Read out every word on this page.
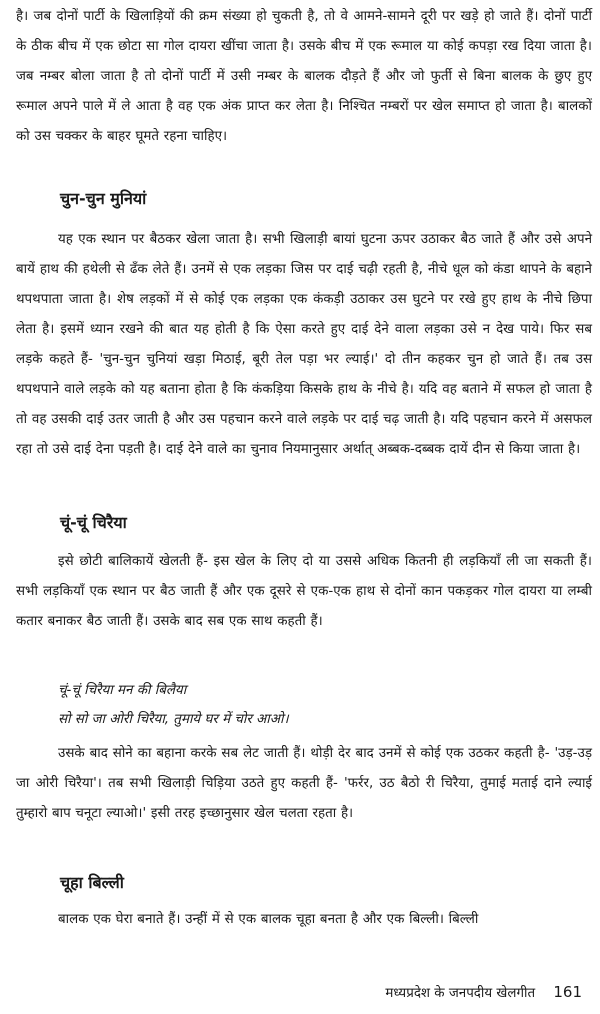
है। जब दोनों पार्टी के खिलाड़ियों की क्रम संख्या हो चुकती है, तो वे आमने-सामने दूरी पर खड़े हो जाते हैं। दोनों पार्टी के ठीक बीच में एक छोटा सा गोल दायरा खींचा जाता है। उसके बीच में एक रूमाल या कोई कपड़ा रख दिया जाता है। जब नम्बर बोला जाता है तो दोनों पार्टी में उसी नम्बर के बालक दौड़ते हैं और जो फुर्ती से बिना बालक के छुए हुए रूमाल अपने पाले में ले आता है वह एक अंक प्राप्त कर लेता है। निश्चित नम्बरों पर खेल समाप्त हो जाता है। बालकों को उस चक्कर के बाहर घूमते रहना चाहिए।

चुन-चुन मुनियां

यह एक स्थान पर बैठकर खेला जाता है। सभी खिलाड़ी बायां घुटना ऊपर उठाकर बैठ जाते हैं और उसे अपने बायें हाथ की हथेली से ढँक लेते हैं। उनमें से एक लड़का जिस पर दाई चढ़ी रहती है, नीचे धूल को कंडा थापने के बहाने थपथपाता जाता है। शेष लड़कों में से कोई एक लड़का एक कंकड़ी उठाकर उस घुटने पर रखे हुए हाथ के नीचे छिपा लेता है। इसमें ध्यान रखने की बात यह होती है कि ऐसा करते हुए दाई देने वाला लड़का उसे न देख पाये। फिर सब लड़के कहते हैं- 'चुन-चुन चुनियां खड़ा मिठाई, बूरी तेल पड़ा भर ल्याई।' दो तीन कहकर चुन हो जाते हैं। तब उस थपथपाने वाले लड़के को यह बताना होता है कि कंकड़िया किसके हाथ के नीचे है। यदि वह बताने में सफल हो जाता है तो वह उसकी दाई उतर जाती है और उस पहचान करने वाले लड़के पर दाई चढ़ जाती है। यदि पहचान करने में असफल रहा तो उसे दाई देना पड़ती है। दाई देने वाले का चुनाव नियमानुसार अर्थात् अब्बक-दब्बक दायें दीन से किया जाता है।

चूं-चूं चिरैया

इसे छोटी बालिकायें खेलती हैं- इस खेल के लिए दो या उससे अधिक कितनी ही लड़कियाँ ली जा सकती हैं। सभी लड़कियाँ एक स्थान पर बैठ जाती हैं और एक दूसरे से एक-एक हाथ से दोनों कान पकड़कर गोल दायरा या लम्बी कतार बनाकर बैठ जाती हैं। उसके बाद सब एक साथ कहती हैं।

चूं-चूं चिरैया मन की बिलैया
सो सो जा ओरी चिरैया, तुमाये घर में चोर आओ।

उसके बाद सोने का बहाना करके सब लेट जाती हैं। थोड़ी देर बाद उनमें से कोई एक उठकर कहती है- 'उड़-उड़ जा ओरी चिरैया'। तब सभी खिलाड़ी चिड़िया उठते हुए कहती हैं- 'फर्रर, उठ बैठो री चिरैया, तुमाई मताई दाने ल्याई तुम्हारो बाप चनूटा ल्याओ।' इसी तरह इच्छानुसार खेल चलता रहता है।

चूहा बिल्ली

बालक एक घेरा बनाते हैं। उन्हीं में से एक बालक चूहा बनता है और एक बिल्ली। बिल्ली

मध्यप्रदेश के जनपदीय खेलगीत 161
